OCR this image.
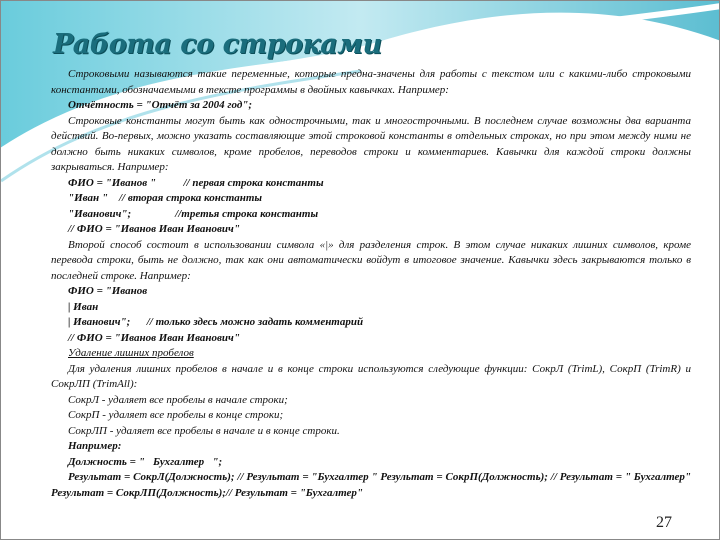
Работа со строками
Строковыми называются такие переменные, которые предна-значены для работы с текстом или с какими-либо строковыми константами, обозначаемыми в тексте программы в двойных кавычках. Например:
Отчётность = "Отчёт за 2004 год";
Строковые константы могут быть как однострочными, так и многострочными. В последнем случае возможны два варианта действий. Во-первых, можно указать составляющие этой строковой константы в отдельных строках, но при этом между ними не должно быть никаких символов, кроме пробелов, переводов строки и комментариев. Кавычки для каждой строки должны закрываться. Например:
ФИО = "Иванов "          // первая строка константы
"Иван "    // вторая строка константы
"Иванович";                //третья строка константы
// ФИО = "Иванов Иван Иванович"
Второй способ состоит в использовании символа «|» для разделения строк. В этом случае никаких лишних символов, кроме перевода строки, быть не должно, так как они автоматически войдут в итоговое значение. Кавычки здесь закрываются только в последней строке. Например:
ФИО = "Иванов
| Иван
| Иванович";      // только здесь можно задать комментарий
// ФИО = "Иванов Иван Иванович"
Удаление лишних пробелов
Для удаления лишних пробелов в начале и в конце строки используются следующие функции: СокрЛ (TrimL), СокрП (TrimR) и СокрЛП (TrimAll):
СокрЛ - удаляет все пробелы в начале строки;
СокрП - удаляет все пробелы в конце строки;
СокрЛП - удаляет все пробелы в начале и в конце строки.
Например:
Должность = "   Бухгалтер   ";
Результат = СокрЛ(Должность); // Результат = "Бухгалтер " Результат = СокрП(Должность); // Результат = " Бухгалтер" Результат = СокрЛП(Должность);// Результат = "Бухгалтер"
27
